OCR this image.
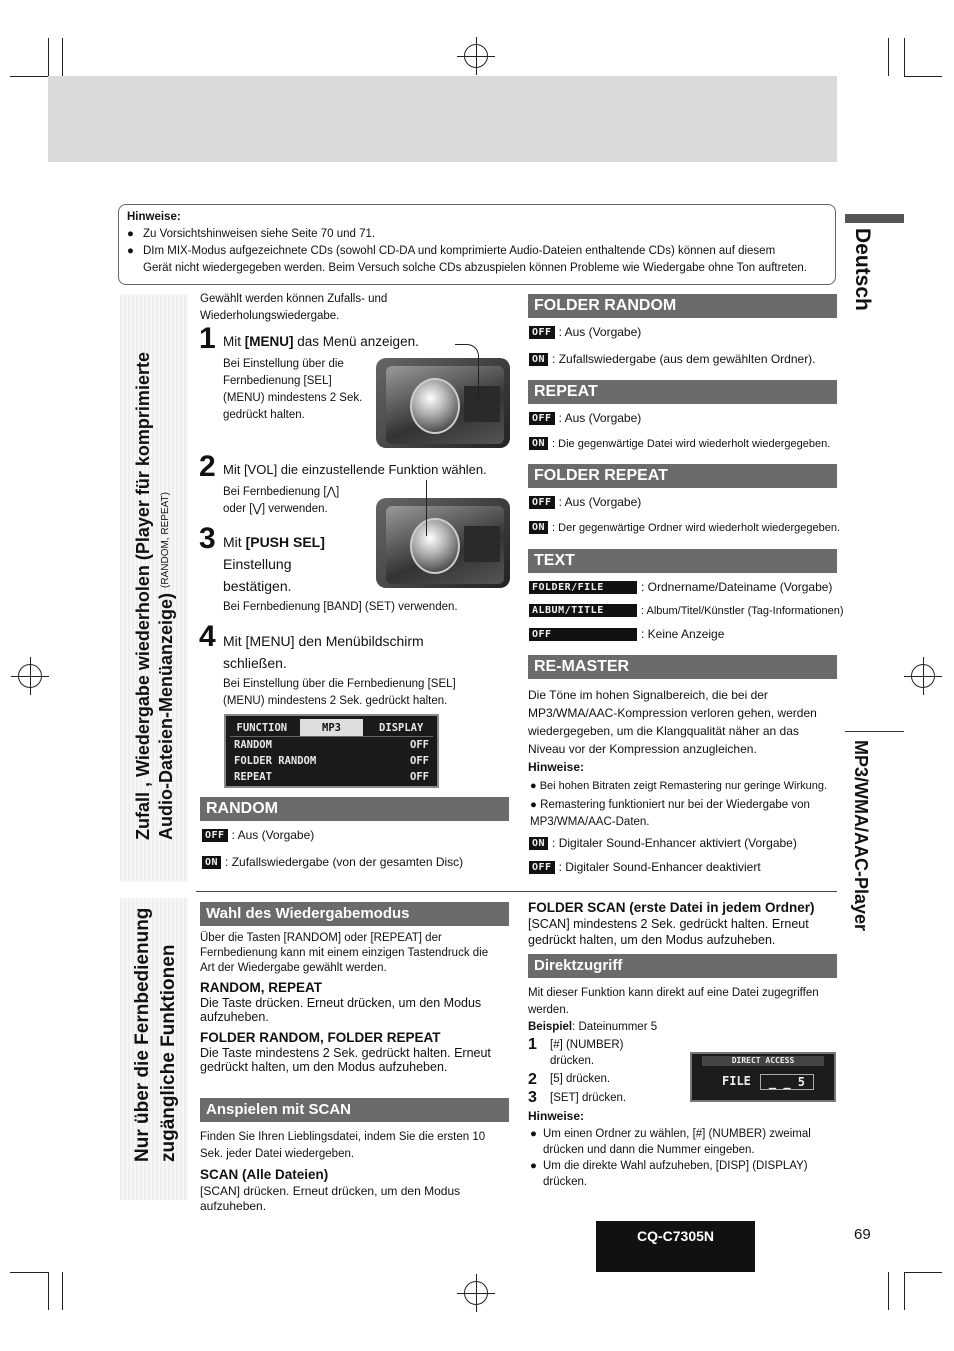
Hinweise:
● Zu Vorsichtshinweisen siehe Seite 70 und 71.
● DIm MIX-Modus aufgezeichnete CDs (sowohl CD-DA und komprimierte Audio-Dateien enthaltende CDs) können auf diesem
Gerät nicht wiedergegeben werden. Beim Versuch solche CDs abzuspielen können Probleme wie Wiedergabe ohne Ton auftreten. Deutsch
MP3/WMA/AAC-Player
Zufall , Wiedergabe wiederholen (Player für komprimierte Audio-Dateien-Menüanzeige) (RANDOM, REPEAT)
Gewählt werden können Zufalls- und Wiederholungswiedergabe.
1 Mit [MENU] das Menü anzeigen.
Bei Einstellung über die Fernbedienung [SEL] (MENU) mindestens 2 Sek. gedrückt halten.
2 Mit [VOL] die einzustellende Funktion wählen.
Bei Fernbedienung [⋀] oder [⋁] verwenden.
3 Mit [PUSH SEL]
Einstellung bestätigen.
Bei Fernbedienung [BAND] (SET) verwenden.
4 Mit [MENU] den Menübildschirm schließen.
Bei Einstellung über die Fernbedienung [SEL] (MENU) mindestens 2 Sek. gedrückt halten.
FUNCTION	MP3	DISPLAY
RANDOM	OFF
FOLDER RANDOM	OFF
REPEAT	OFF
RANDOM
OFF : Aus (Vorgabe)
ON : Zufallswiedergabe (von der gesamten Disc)
FOLDER RANDOM
OFF : Aus (Vorgabe)
ON : Zufallswiedergabe (aus dem gewählten Ordner).
REPEAT
OFF : Aus (Vorgabe)
ON : Die gegenwärtige Datei wird wiederholt wiedergegeben.
FOLDER REPEAT
OFF : Aus (Vorgabe)
ON : Der gegenwärtige Ordner wird wiederholt wiedergegeben.
TEXT
FOLDER/FILE	: Ordnername/Dateiname (Vorgabe)
ALBUM/TITLE	: Album/Titel/Künstler (Tag-Informationen)
OFF	: Keine Anzeige
RE-MASTER
Die Töne im hohen Signalbereich, die bei der MP3/WMA/AAC-Kompression verloren gehen, werden wiedergegeben, um die Klangqualität näher an das Niveau vor der Kompression anzugleichen.
Hinweise:
● Bei hohen Bitraten zeigt Remastering nur geringe Wirkung.
● Remastering funktioniert nur bei der Wiedergabe von MP3/WMA/AAC-Daten.
ON : Digitaler Sound-Enhancer aktiviert (Vorgabe)
OFF : Digitaler Sound-Enhancer deaktiviert
Nur über die Fernbedienung zugängliche Funktionen
Wahl des Wiedergabemodus
Über die Tasten [RANDOM] oder [REPEAT] der Fernbedienung kann mit einem einzigen Tastendruck die Art der Wiedergabe gewählt werden.
RANDOM, REPEAT
Die Taste drücken. Erneut drücken, um den Modus aufzuheben.
FOLDER RANDOM, FOLDER REPEAT
Die Taste mindestens 2 Sek. gedrückt halten. Erneut gedrückt halten, um den Modus aufzuheben.
Anspielen mit SCAN
Finden Sie Ihren Lieblingsdatei, indem Sie die ersten 10 Sek. jeder Datei wiedergeben.
SCAN (Alle Dateien)
[SCAN] drücken. Erneut drücken, um den Modus aufzuheben.
FOLDER SCAN (erste Datei in jedem Ordner)
[SCAN] mindestens 2 Sek. gedrückt halten. Erneut gedrückt halten, um den Modus aufzuheben.
Direktzugriff
Mit dieser Funktion kann direkt auf eine Datei zugegriffen werden.
Beispiel: Dateinummer 5
1 [#] (NUMBER) drücken.
2 [5] drücken.
3 [SET] drücken.
Hinweise:
● Um einen Ordner zu wählen, [#] (NUMBER) zweimal drücken und dann die Nummer eingeben.
● Um die direkte Wahl aufzuheben, [DISP] (DISPLAY) drücken.
DIRECT ACCESS
FILE	_ _ 5
CQ-C7305N	69
